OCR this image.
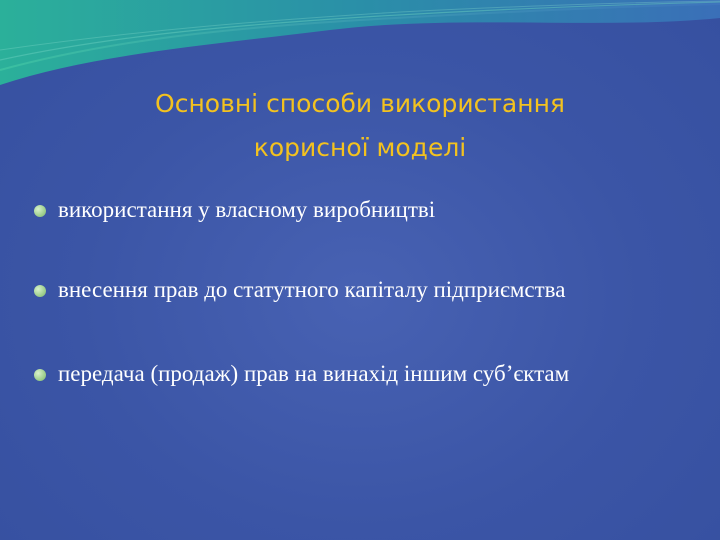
Основні способи використання
корисної моделі
використання у власному виробництві
внесення прав до статутного капіталу підприємства
передача (продаж) прав на винахід іншим суб’єктам
